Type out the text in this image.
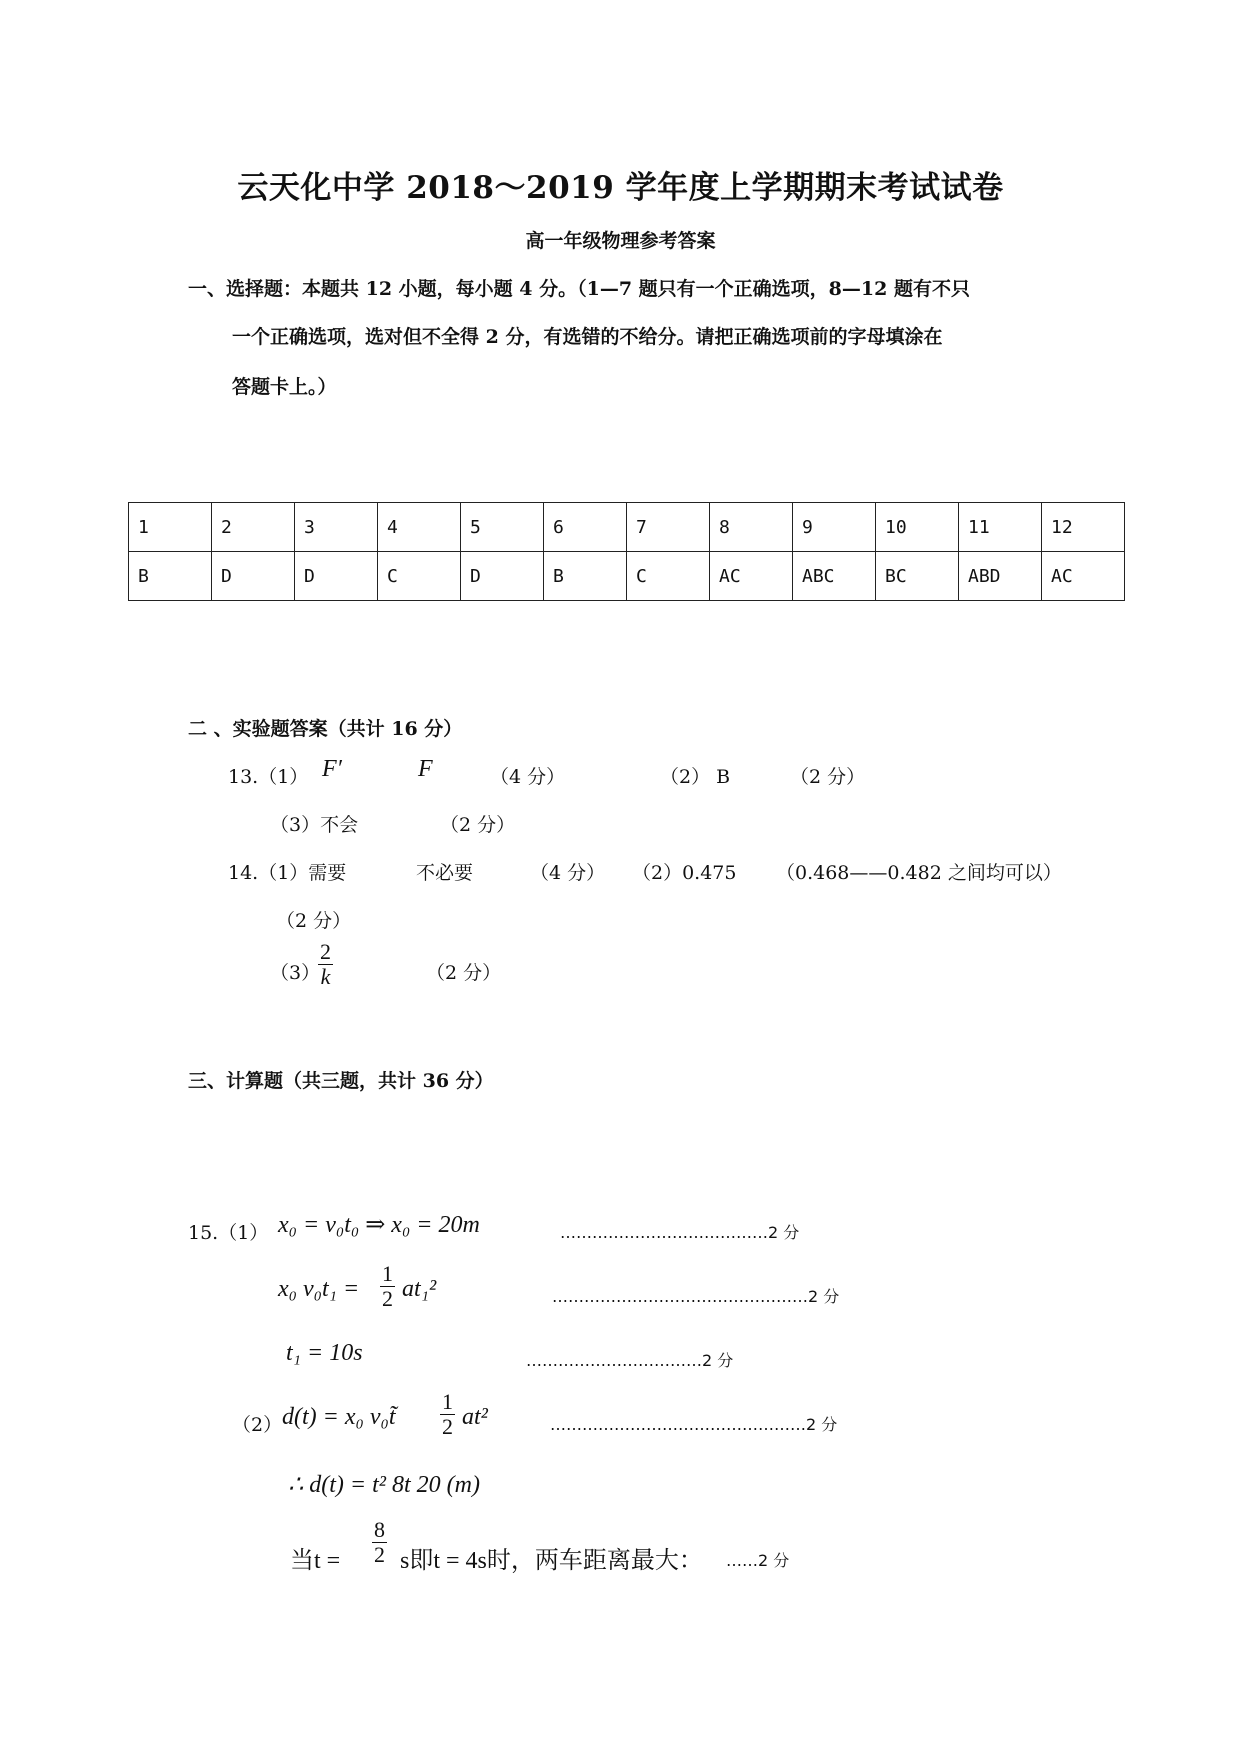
云天化中学 2018～2019 学年度上学期期末考试试卷
高一年级物理参考答案
一、选择题：本题共 12 小题，每小题 4 分。（1—7 题只有一个正确选项，8—12 题有不只
一个正确选项，选对但不全得 2 分，有选错的不给分。请把正确选项前的字母填涂在
答题卡上。）
1	2	3	4	5	6	7	8	9	10	11	12
B	D	D	C	D	B	C	AC	ABC	BC	ABD	AC
二 、实验题答案（共计 16 分）
13.（1） F′	F	（4 分）	（2） B	（2 分）
（3）不会	（2 分）
14.（1）需要	不必要	（4 分） （2）0.475 （0.468——0.482 之间均可以）
（2 分）
（3）
$\frac{2}{k}$	（2 分）
三、计算题（共三题，共计 36 分）
15.（1） x₀ = v₀t₀ ⇒ x₀ = 20m	…………………………………2 分
x₀ $v_0t_1 = \frac{1}{2} at_1^2$	…………………………………………2 分
t₁ = 10s	……………………………2 分
（2） d(t) = x₀ v₀t̃ $\frac{1}{2} at^2$	…………………………………………2 分
∴ d(t) = t² 8t 20 (m)
当$t = \frac{8}{2}$ s即t = 4s时，两车距离最大： ……2 分
